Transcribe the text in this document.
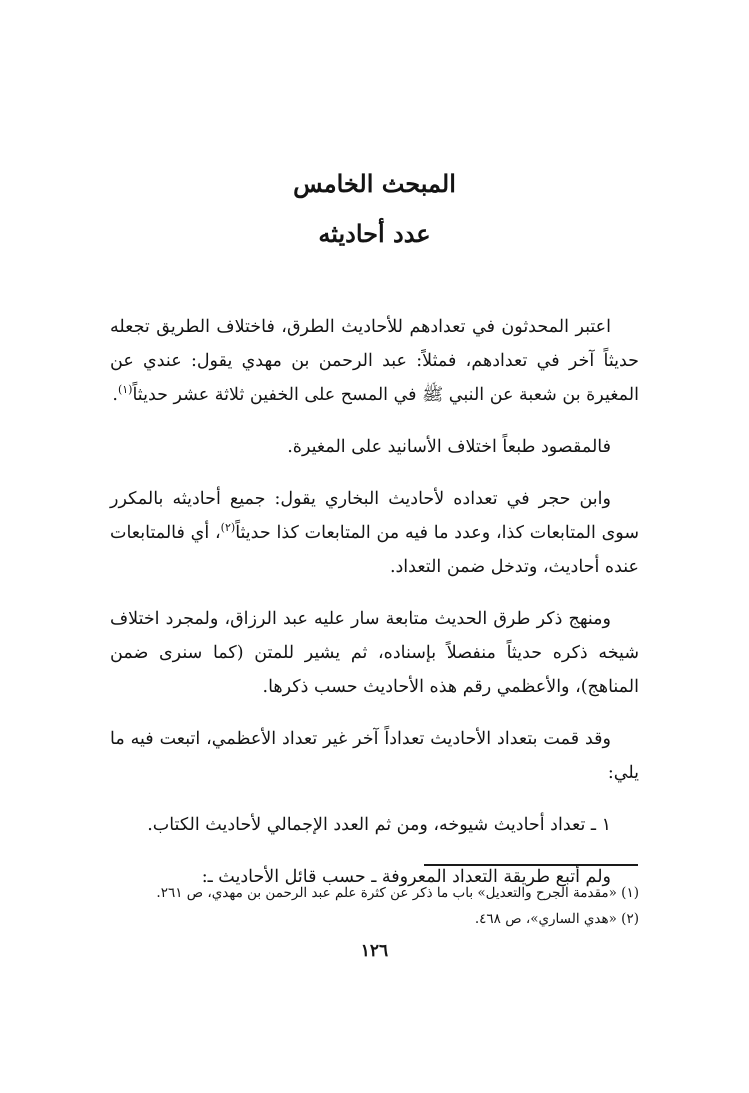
المبحث الخامس
عدد أحاديثه

اعتبر المحدثون في تعدادهم للأحاديث الطرق، فاختلاف الطريق تجعله حديثاً آخر في تعدادهم، فمثلاً: عبد الرحمن بن مهدي يقول: عندي عن المغيرة بن شعبة عن النبي ﷺ في المسح على الخفين ثلاثة عشر حديثاً$^{(١)}$.

فالمقصود طبعاً اختلاف الأسانيد على المغيرة.

وابن حجر في تعداده لأحاديث البخاري يقول: جميع أحاديثه بالمكرر سوى المتابعات كذا، وعدد ما فيه من المتابعات كذا حديثاً$^{(٢)}$، أي فالمتابعات عنده أحاديث، وتدخل ضمن التعداد.

ومنهج ذكر طرق الحديث متابعة سار عليه عبد الرزاق، ولمجرد اختلاف شيخه ذكره حديثاً منفصلاً بإسناده، ثم يشير للمتن (كما سنرى ضمن المناهج)، والأعظمي رقم هذه الأحاديث حسب ذكرها.

وقد قمت بتعداد الأحاديث تعداداً آخر غير تعداد الأعظمي، اتبعت فيه ما يلي:

١ ـ تعداد أحاديث شيوخه، ومن ثم العدد الإجمالي لأحاديث الكتاب.

ولم أتبع طريقة التعداد المعروفة ـ حسب قائل الأحاديث ـ:

(١) «مقدمة الجرح والتعديل» باب ما ذكر عن كثرة علم عبد الرحمن بن مهدي، ص ٢٦١.
(٢) «هدي الساري»، ص ٤٦٨.
١٢٦
